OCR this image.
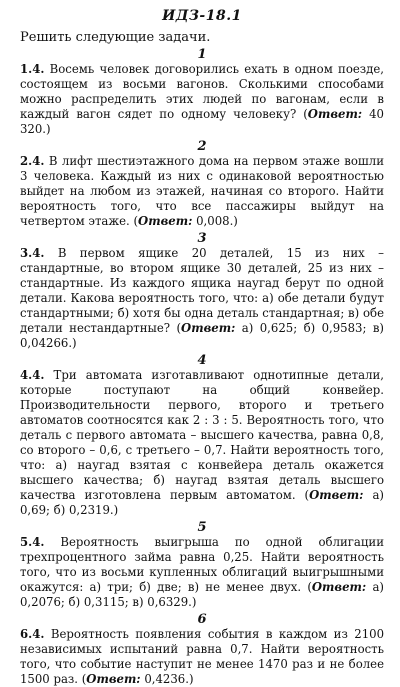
ИДЗ-18.1
Решить следующие задачи.
1

1.4. Восемь человек договорились ехать в одном поезде, состоящем из восьми вагонов. Сколькими способами можно распределить этих людей по вагонам, если в каждый вагон сядет по одному человеку? (Ответ: 40 320.)

2

2.4. В лифт шестиэтажного дома на первом этаже вошли 3 человека. Каждый из них с одинаковой вероятностью выйдет на любом из этажей, начиная со второго. Найти вероятность того, что все пассажиры выйдут на четвертом этаже. (Ответ: 0,008.)

3

3.4. В первом ящике 20 деталей, 15 из них – стандартные, во втором ящике 30 деталей, 25 из них – стандартные. Из каждого ящика наугад берут по одной детали. Какова вероятность того, что: а) обе детали будут стандартными; б) хотя бы одна деталь стандартная; в) обе детали нестандартные? (Ответ: а) 0,625; б) 0,9583; в) 0,04266.)

4

4.4. Три автомата изготавливают однотипные детали, которые поступают на общий конвейер. Производительности первого, второго и третьего автоматов соотносятся как 2 : 3 : 5. Вероятность того, что деталь с первого автомата – высшего качества, равна 0,8, со второго – 0,6, с третьего – 0,7. Найти вероятность того, что: а) наугад взятая с конвейера деталь окажется высшего качества; б) наугад взятая деталь высшего качества изготовлена первым автоматом. (Ответ: а) 0,69; б) 0,2319.)

5

5.4. Вероятность выигрыша по одной облигации трехпроцентного займа равна 0,25. Найти вероятность того, что из восьми купленных облигаций выигрышными окажутся: а) три; б) две; в) не менее двух. (Ответ: а) 0,2076; б) 0,3115; в) 0,6329.)

6

6.4. Вероятность появления события в каждом из 2100 независимых испытаний равна 0,7. Найти вероятность того, что событие наступит не менее 1470 раз и не более 1500 раз. (Ответ: 0,4236.)
